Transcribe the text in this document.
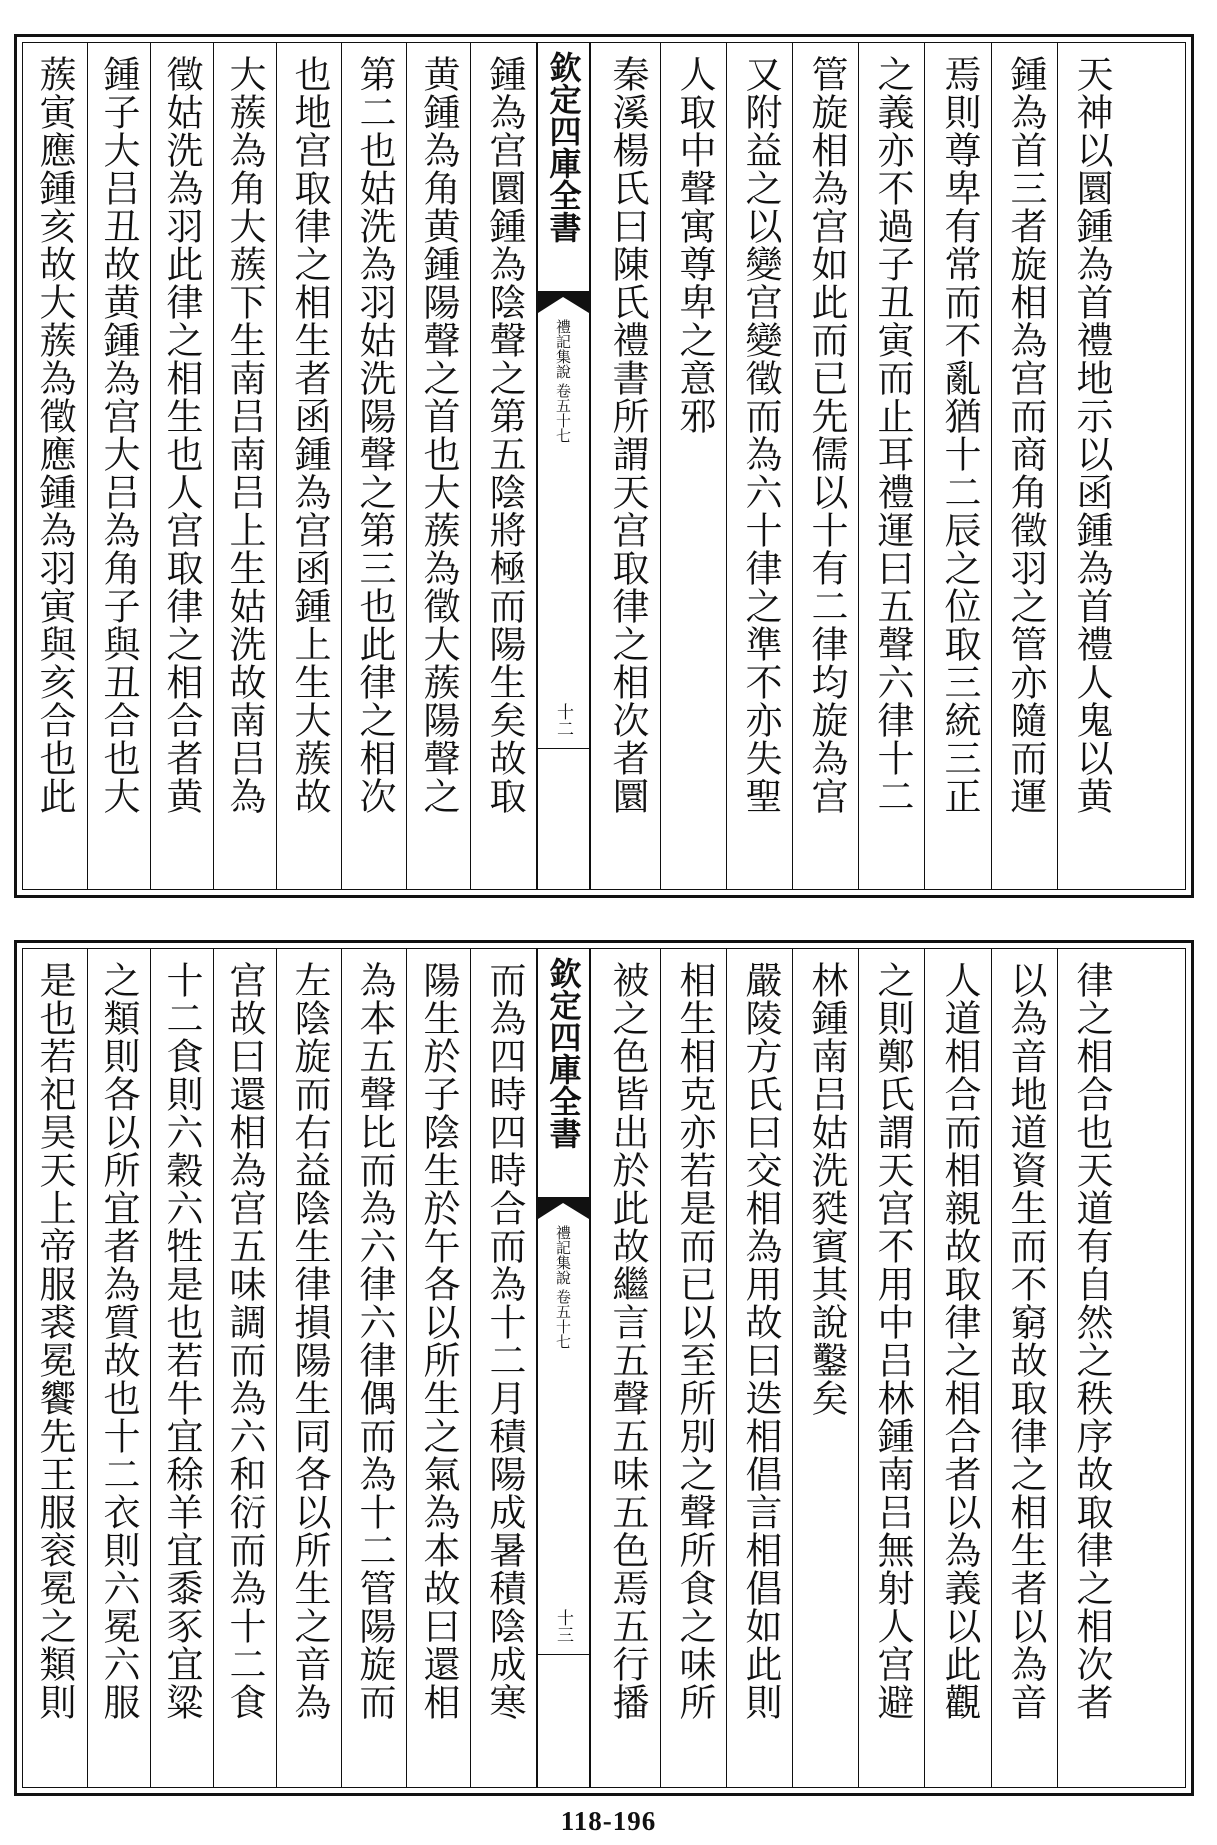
蔟寅應鍾亥故大蔟為徵應鍾為羽寅與亥合也此 鍾子大吕丑故黄鍾為宫大吕為角子與丑合也大 徵姑洗為羽此律之相生也人宫取律之相合者黄 大蔟為角大蔟下生南吕南吕上生姑洗故南吕為 也地宫取律之相生者函鍾為宫函鍾上生大蔟故 第二也姑洗為羽姑洗陽聲之第三也此律之相次 黄鍾為角黄鍾陽聲之首也大蔟為徵大蔟陽聲之 鍾為宫圜鍾為陰聲之第五陰將極而陽生矣故取 欽定四庫全書
禮記集說
卷五十七
十二 秦溪楊氏曰陳氏禮書所謂天宫取律之相次者圜 人取中聲寓尊卑之意邪 又附益之以變宫變徵而為六十律之準不亦失聖 管旋相為宫如此而已先儒以十有二律均旋為宫 之義亦不過子丑寅而止耳禮運曰五聲六律十二 焉則尊卑有常而不亂猶十二辰之位取三統三正 鍾為首三者旋相為宫而商角徵羽之管亦隨而運 天神以圜鍾為首禮地示以函鍾為首禮人鬼以黄
是也若祀昊天上帝服裘冕饗先王服衮冕之類則 之類則各以所宜者為質故也十二衣則六冕六服 十二食則六穀六牲是也若牛宜稌羊宜黍豕宜粱 宫故曰還相為宫五味調而為六和衍而為十二食 左陰旋而右益陰生律損陽生同各以所生之音為 為本五聲比而為六律六律偶而為十二管陽旋而 陽生於子陰生於午各以所生之氣為本故曰還相 而為四時四時合而為十二月積陽成暑積陰成寒 欽定四庫全書
禮記集說
卷五十七
十三 被之色皆出於此故繼言五聲五味五色焉五行播 相生相克亦若是而已以至所別之聲所食之味所 嚴陵方氏曰交相為用故曰迭相倡言相倡如此則 林鍾南吕姑洗甤賓其說鑿矣 之則鄭氏謂天宫不用中吕林鍾南吕無射人宫避 人道相合而相親故取律之相合者以為義以此觀 以為音地道資生而不窮故取律之相生者以為音 律之相合也天道有自然之秩序故取律之相次者
118-196
